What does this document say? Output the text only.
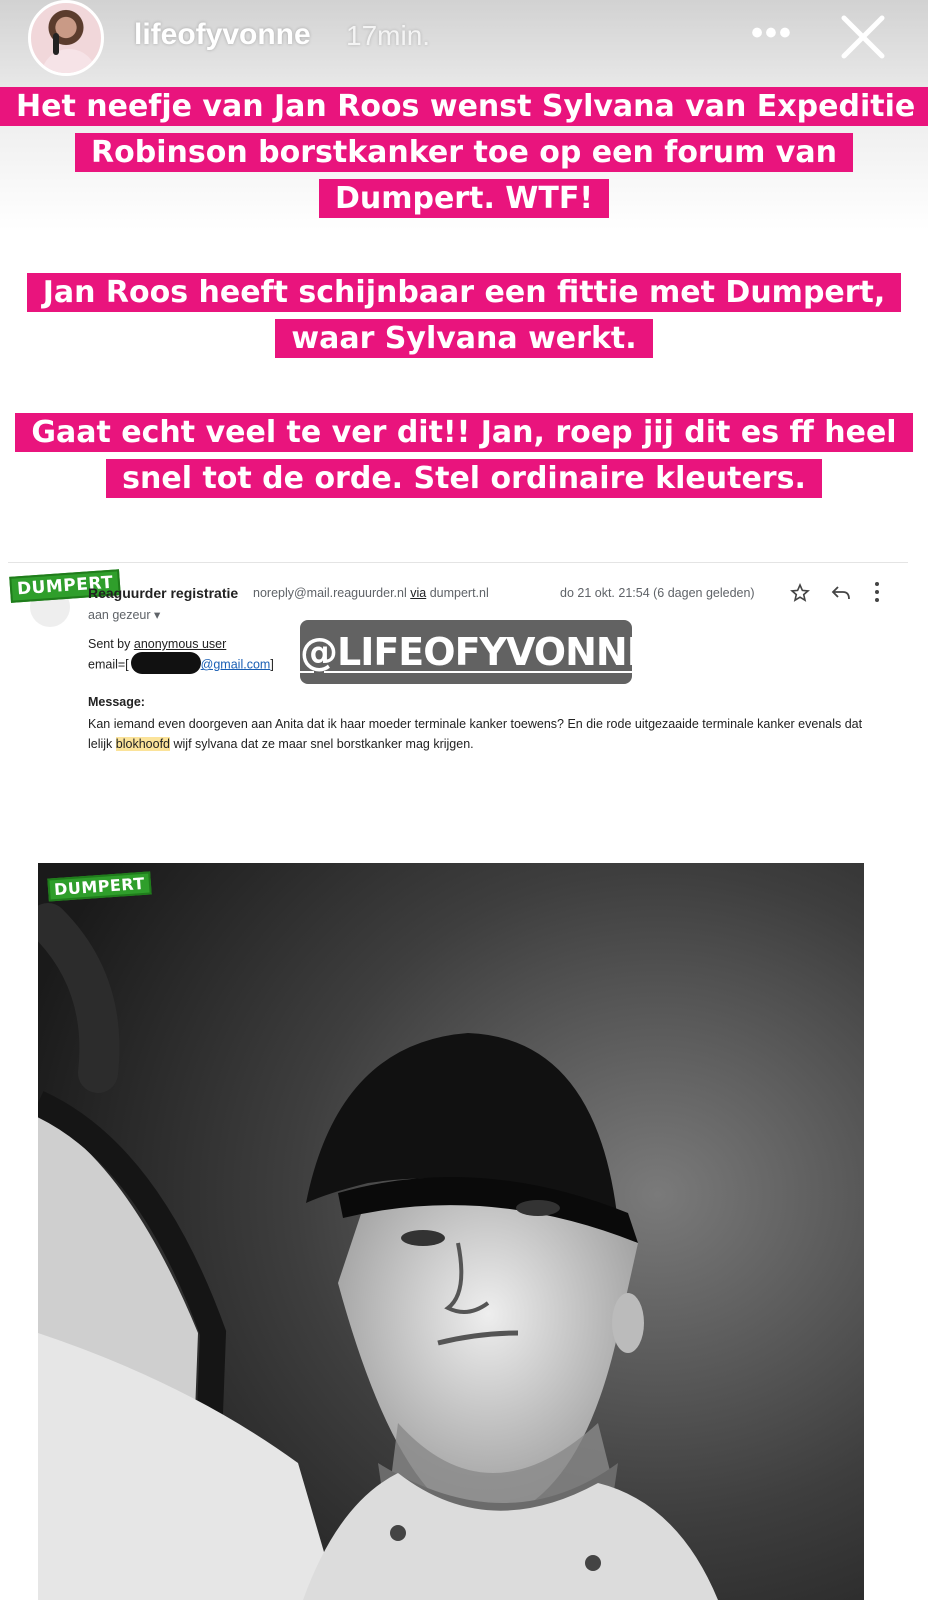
lifeofyvonne 17min.	•••
Het neefje van Jan Roos wenst Sylvana van Expeditie Robinson borstkanker toe op een forum van Dumpert. WTF!
Jan Roos heeft schijnbaar een fittie met Dumpert, waar Sylvana werkt.
Gaat echt veel te ver dit!! Jan, roep jij dit es ff heel snel tot de orde. Stel ordinaire kleuters.
DUMPERT
Reaguurder registratie noreply@mail.reaguurder.nl via dumpert.nl	do 21 okt. 21:54 (6 dagen geleden)
aan gezeur ▾
Sent by anonymous user
email=[	@gmail.com]
Message:
Kan iemand even doorgeven aan Anita dat ik haar moeder terminale kanker toewens? En die rode uitgezaaide terminale kanker evenals dat lelijk blokhoofd wijf sylvana dat ze maar snel borstkanker mag krijgen.
@LIFEOFYVONNE
DUMPERT
